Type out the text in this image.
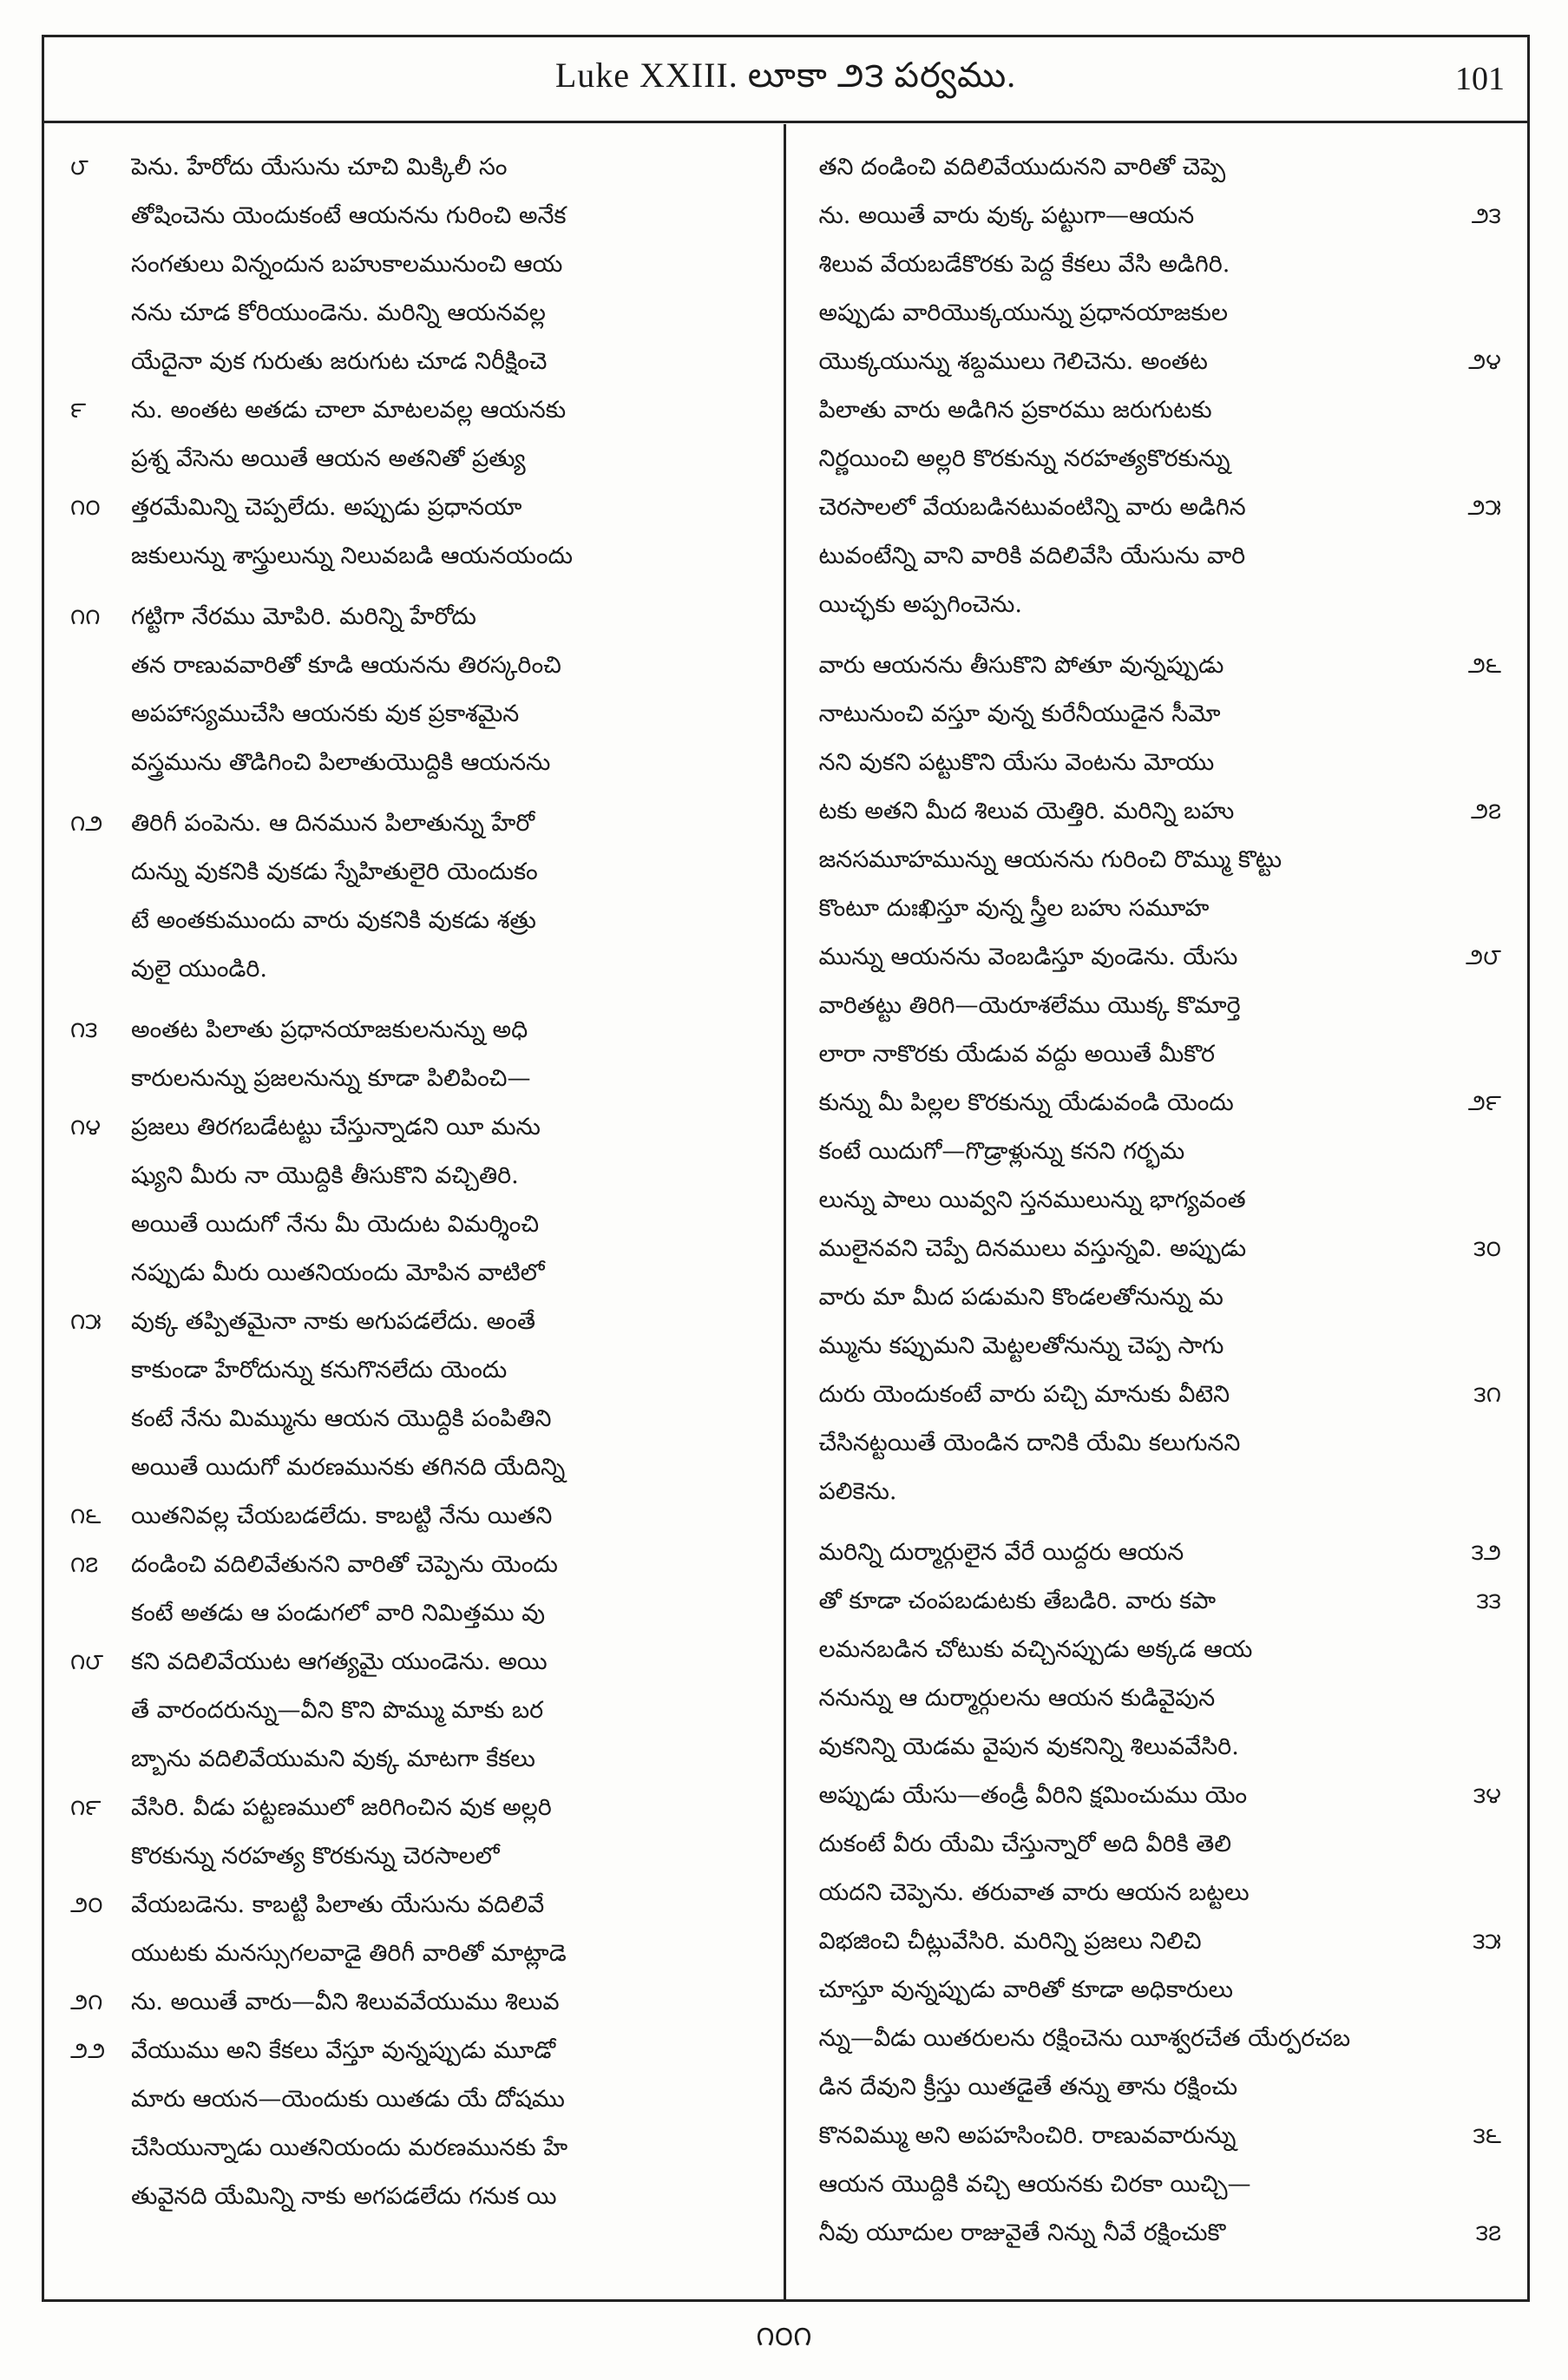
Luke XXIII. లూకా ౨౩ పర్వము.	101
౮	పెను. హేరోదు యేసును చూచి మిక్కిలీ సం
తోషించెను యెందుకంటే ఆయనను గురించి అనేక
సంగతులు విన్నందున బహుకాలమునుంచి ఆయ
నను చూడ కోరియుండెను. మరిన్ని ఆయనవల్ల
యేదైనా వుక గురుతు జరుగుట చూడ నిరీక్షించె
౯	ను. అంతట అతడు చాలా మాటలవల్ల ఆయనకు
ప్రశ్న వేసెను అయితే ఆయన అతనితో ప్రత్యు
౧౦	త్తరమేమిన్ని చెప్పలేదు. అప్పుడు ప్రధానయా
జకులున్ను శాస్త్రులున్ను నిలువబడి ఆయనయందు
౧౧	గట్టిగా నేరము మోపిరి. మరిన్ని హేరోదు
తన రాణువవారితో కూడి ఆయనను తిరస్కరించి
అపహాస్యముచేసి ఆయనకు వుక ప్రకాశమైన
వస్త్రమును తొడిగించి పిలాతుయొద్దికి ఆయనను
౧౨	తిరిగీ పంపెను. ఆ దినమున పిలాతున్ను హేరో
దున్ను వుకనికి వుకడు స్నేహితులైరి యెందుకం
టే అంతకుముందు వారు వుకనికి వుకడు శత్రు
వులై యుండిరి.
౧౩	అంతట పిలాతు ప్రధానయాజకులనున్ను అధి
కారులనున్ను ప్రజలనున్ను కూడా పిలిపించి—
౧౪	ప్రజలు తిరగబడేటట్టు చేస్తున్నాడని యీ మను
ష్యుని మీరు నా యొద్దికి తీసుకొని వచ్చితిరి.
అయితే యిదుగో నేను మీ యెదుట విమర్శించి
నప్పుడు మీరు యితనియందు మోపిన వాటిలో
౧౫	వుక్క తప్పితమైనా నాకు అగుపడలేదు. అంతే
కాకుండా హేరోదున్ను కనుగొనలేదు యెందు
కంటే నేను మిమ్మును ఆయన యొద్దికి పంపితిని
అయితే యిదుగో మరణమునకు తగినది యేదిన్ని
౧౬	యితనివల్ల చేయబడలేదు. కాబట్టి నేను యితని
౧౭	దండించి వదిలివేతునని వారితో చెప్పెను యెందు
కంటే అతడు ఆ పండుగలో వారి నిమిత్తము వు
౧౮	కని వదిలివేయుట ఆగత్యమై యుండెను. అయి
తే వారందరున్ను—వీని కొని పొమ్ము మాకు బర
బ్బాను వదిలివేయుమని వుక్క మాటగా కేకలు
౧౯	వేసిరి. వీడు పట్టణములో జరిగించిన వుక అల్లరి
కొరకున్ను నరహత్య కొరకున్ను చెరసాలలో
౨౦	వేయబడెను. కాబట్టి పిలాతు యేసును వదిలివే
యుటకు మనస్సుగలవాడై తిరిగీ వారితో మాట్లాడె
౨౧	ను. అయితే వారు—వీని శిలువవేయుము శిలువ
౨౨	వేయుము అని కేకలు వేస్తూ వున్నప్పుడు మూడో
మారు ఆయన—యెందుకు యితడు యే దోషము
చేసియున్నాడు యితనియందు మరణమునకు హే
తువైనది యేమిన్ని నాకు అగపడలేదు గనుక యి
తని దండించి వదిలివేయుదునని వారితో చెప్పె
ను. అయితే వారు వుక్క పట్టుగా—ఆయన	౨౩
శిలువ వేయబడేకొరకు పెద్ద కేకలు వేసి అడిగిరి.
అప్పుడు వారియొక్కయున్ను ప్రధానయాజకుల
యొక్కయున్ను శబ్దములు గెలిచెను. అంతట	౨౪
పిలాతు వారు అడిగిన ప్రకారము జరుగుటకు
నిర్ణయించి అల్లరి కొరకున్ను నరహత్యకొరకున్ను
చెరసాలలో వేయబడినటువంటిన్ని వారు అడిగిన	౨౫
టువంటేన్ని వాని వారికి వదిలివేసి యేసును వారి
యిచ్ఛకు అప్పగించెను.
వారు ఆయనను తీసుకొని పోతూ వున్నప్పుడు	౨౬
నాటునుంచి వస్తూ వున్న కురేనీయుడైన సీమో
నని వుకని పట్టుకొని యేసు వెంటను మోయు
టకు అతని మీద శిలువ యెత్తిరి. మరిన్ని బహు	౨౭
జనసమూహమున్ను ఆయనను గురించి రొమ్ము కొట్టు
కొంటూ దుఃఖిస్తూ వున్న స్త్రీల బహు సమూహ
మున్ను ఆయనను వెంబడిస్తూ వుండెను. యేసు	౨౮
వారితట్టు తిరిగి—యెరూశలేము యొక్క కొమార్తె
లారా నాకొరకు యేడువ వద్దు అయితే మీకొర
కున్ను మీ పిల్లల కొరకున్ను యేడువండి యెందు	౨౯
కంటే యిదుగో—గొడ్రాళ్లున్ను కనని గర్భమ
లున్ను పాలు యివ్వని స్తనములున్ను భాగ్యవంత
ములైనవని చెప్పే దినములు వస్తున్నవి. అప్పుడు	౩౦
వారు మా మీద పడుమని కొండలతోనున్ను మ
మ్మును కప్పుమని మెట్టలతోనున్ను చెప్ప సాగు
దురు యెందుకంటే వారు పచ్చి మానుకు వీటెని	౩౧
చేసినట్టయితే యెండిన దానికి యేమి కలుగునని
పలికెను.
మరిన్ని దుర్మార్గులైన వేరే యిద్దరు ఆయన	౩౨
తో కూడా చంపబడుటకు తేబడిరి. వారు కపా	౩౩
లమనబడిన చోటుకు వచ్చినప్పుడు అక్కడ ఆయ
ననున్ను ఆ దుర్మార్గులను ఆయన కుడివైపున
వుకనిన్ని యెడమ వైపున వుకనిన్ని శిలువవేసిరి.
అప్పుడు యేసు—తండ్రీ వీరిని క్షమించుము యెం	౩౪
దుకంటే వీరు యేమి చేస్తున్నారో అది వీరికి తెలి
యదని చెప్పెను. తరువాత వారు ఆయన బట్టలు
విభజించి చీట్లువేసిరి. మరిన్ని ప్రజలు నిలిచి	౩౫
చూస్తూ వున్నప్పుడు వారితో కూడా అధికారులు
న్ను—వీడు యితరులను రక్షించెను యీశ్వరచేత యేర్పరచబ
డిన దేవుని క్రీస్తు యితడైతే తన్ను తాను రక్షించు
కొనవిమ్ము అని అపహసించిరి. రాణువవారున్ను	౩౬
ఆయన యొద్దికి వచ్చి ఆయనకు చిరకా యిచ్చి—
నీవు యూదుల రాజువైతే నిన్ను నీవే రక్షించుకొ	౩౭
౧౦౧
